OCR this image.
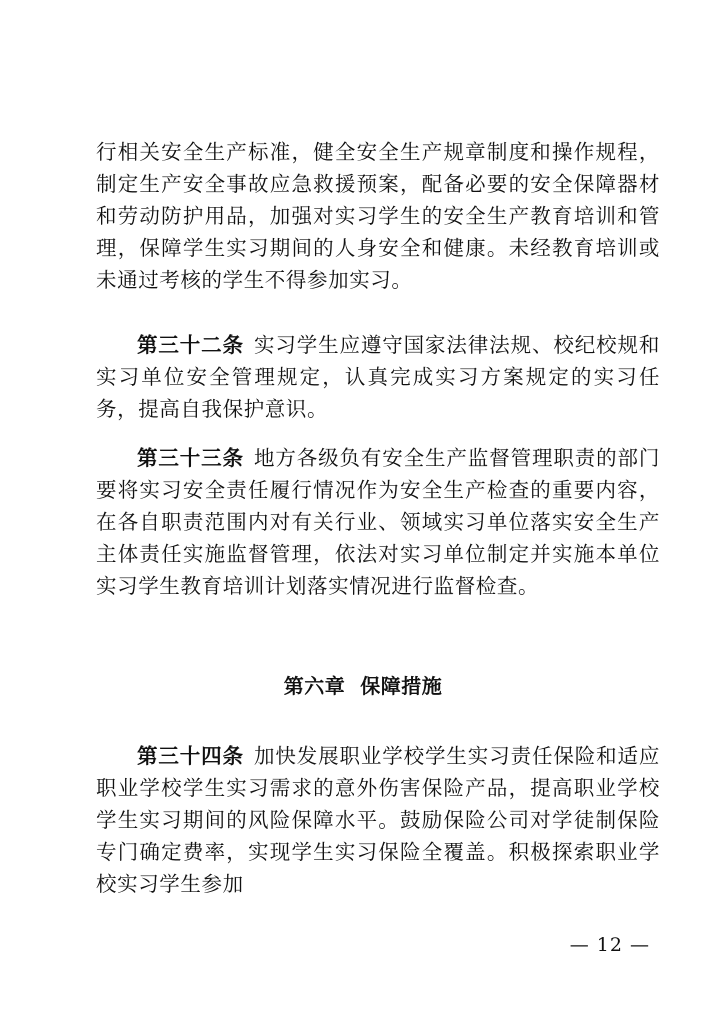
行相关安全生产标准，健全安全生产规章制度和操作规程，制定生产安全事故应急救援预案，配备必要的安全保障器材和劳动防护用品，加强对实习学生的安全生产教育培训和管理，保障学生实习期间的人身安全和健康。未经教育培训或未通过考核的学生不得参加实习。

第三十二条 实习学生应遵守国家法律法规、校纪校规和实习单位安全管理规定，认真完成实习方案规定的实习任务，提高自我保护意识。

第三十三条 地方各级负有安全生产监督管理职责的部门要将实习安全责任履行情况作为安全生产检查的重要内容，在各自职责范围内对有关行业、领域实习单位落实安全生产主体责任实施监督管理，依法对实习单位制定并实施本单位实习学生教育培训计划落实情况进行监督检查。

第六章  保障措施

第三十四条 加快发展职业学校学生实习责任保险和适应职业学校学生实习需求的意外伤害保险产品，提高职业学校学生实习期间的风险保障水平。鼓励保险公司对学徒制保险专门确定费率，实现学生实习保险全覆盖。积极探索职业学校实习学生参加

— 12 —
